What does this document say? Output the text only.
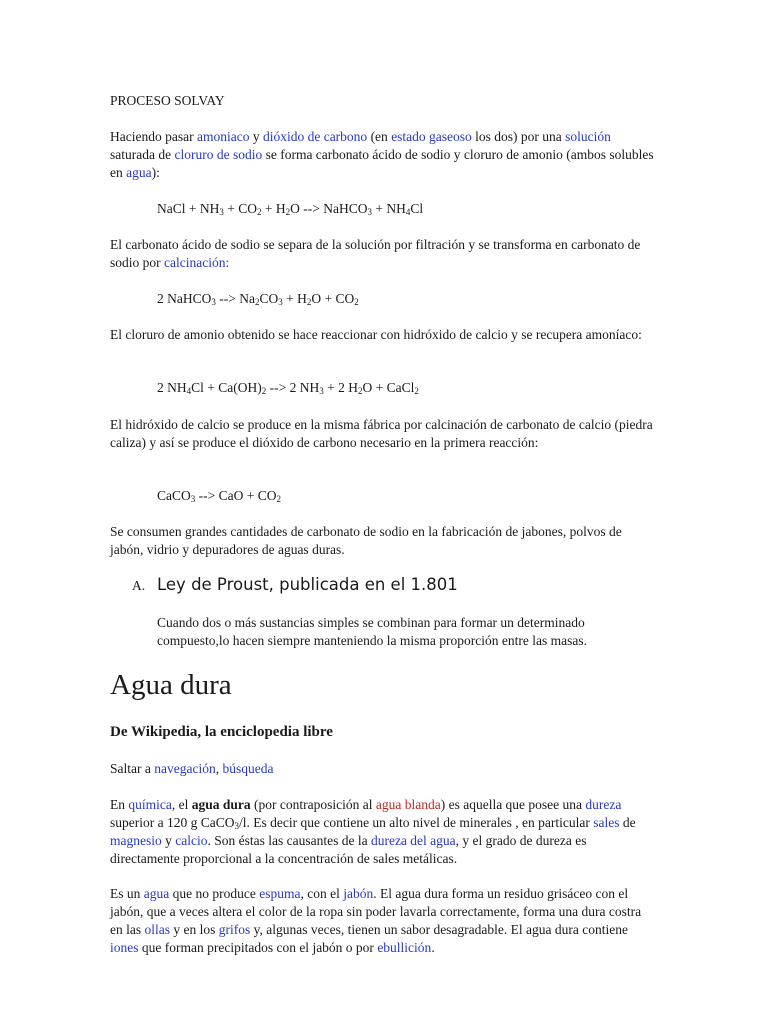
PROCESO SOLVAY

Haciendo pasar amoniaco y dióxido de carbono (en estado gaseoso los dos) por una solución saturada de cloruro de sodio se forma carbonato ácido de sodio y cloruro de amonio (ambos solubles en agua):

NaCl + $NH_3 + CO_2 + H_2O$ --> NaHCO$_3$ + $NH_4Cl$

El carbonato ácido de sodio se separa de la solución por filtración y se transforma en carbonato de sodio por calcinación:

2 NaHCO$_3$ --> $Na_2CO_3 + H_2O + CO_2$

El cloruro de amonio obtenido se hace reaccionar con hidróxido de calcio y se recupera amoníaco:

2 $NH_4Cl + Ca(OH)_2$ --> 2 $NH_3 + 2$ $H_2O$ + CaCl$_2$

El hidróxido de calcio se produce en la misma fábrica por calcinación de carbonato de calcio (piedra caliza) y así se produce el dióxido de carbono necesario en la primera reacción:

CaCO$_3$ --> CaO + $CO_2$

Se consumen grandes cantidades de carbonato de sodio en la fabricación de jabones, polvos de jabón, vidrio y depuradores de aguas duras.

A. Ley de Proust, publicada en el 1.801

Cuando dos o más sustancias simples se combinan para formar un determinado compuesto,lo hacen siempre manteniendo la misma proporción entre las masas.

Agua dura

De Wikipedia, la enciclopedia libre

Saltar a navegación, búsqueda

En química, el agua dura (por contraposición al agua blanda) es aquella que posee una dureza superior a 120 g CaCO$_3$/l. Es decir que contiene un alto nivel de minerales , en particular sales de magnesio y calcio. Son éstas las causantes de la dureza del agua, y el grado de dureza es directamente proporcional a la concentración de sales metálicas.

Es un agua que no produce espuma, con el jabón. El agua dura forma un residuo grisáceo con el jabón, que a veces altera el color de la ropa sin poder lavarla correctamente, forma una dura costra en las ollas y en los grifos y, algunas veces, tienen un sabor desagradable. El agua dura contiene iones que forman precipitados con el jabón o por ebullición.
